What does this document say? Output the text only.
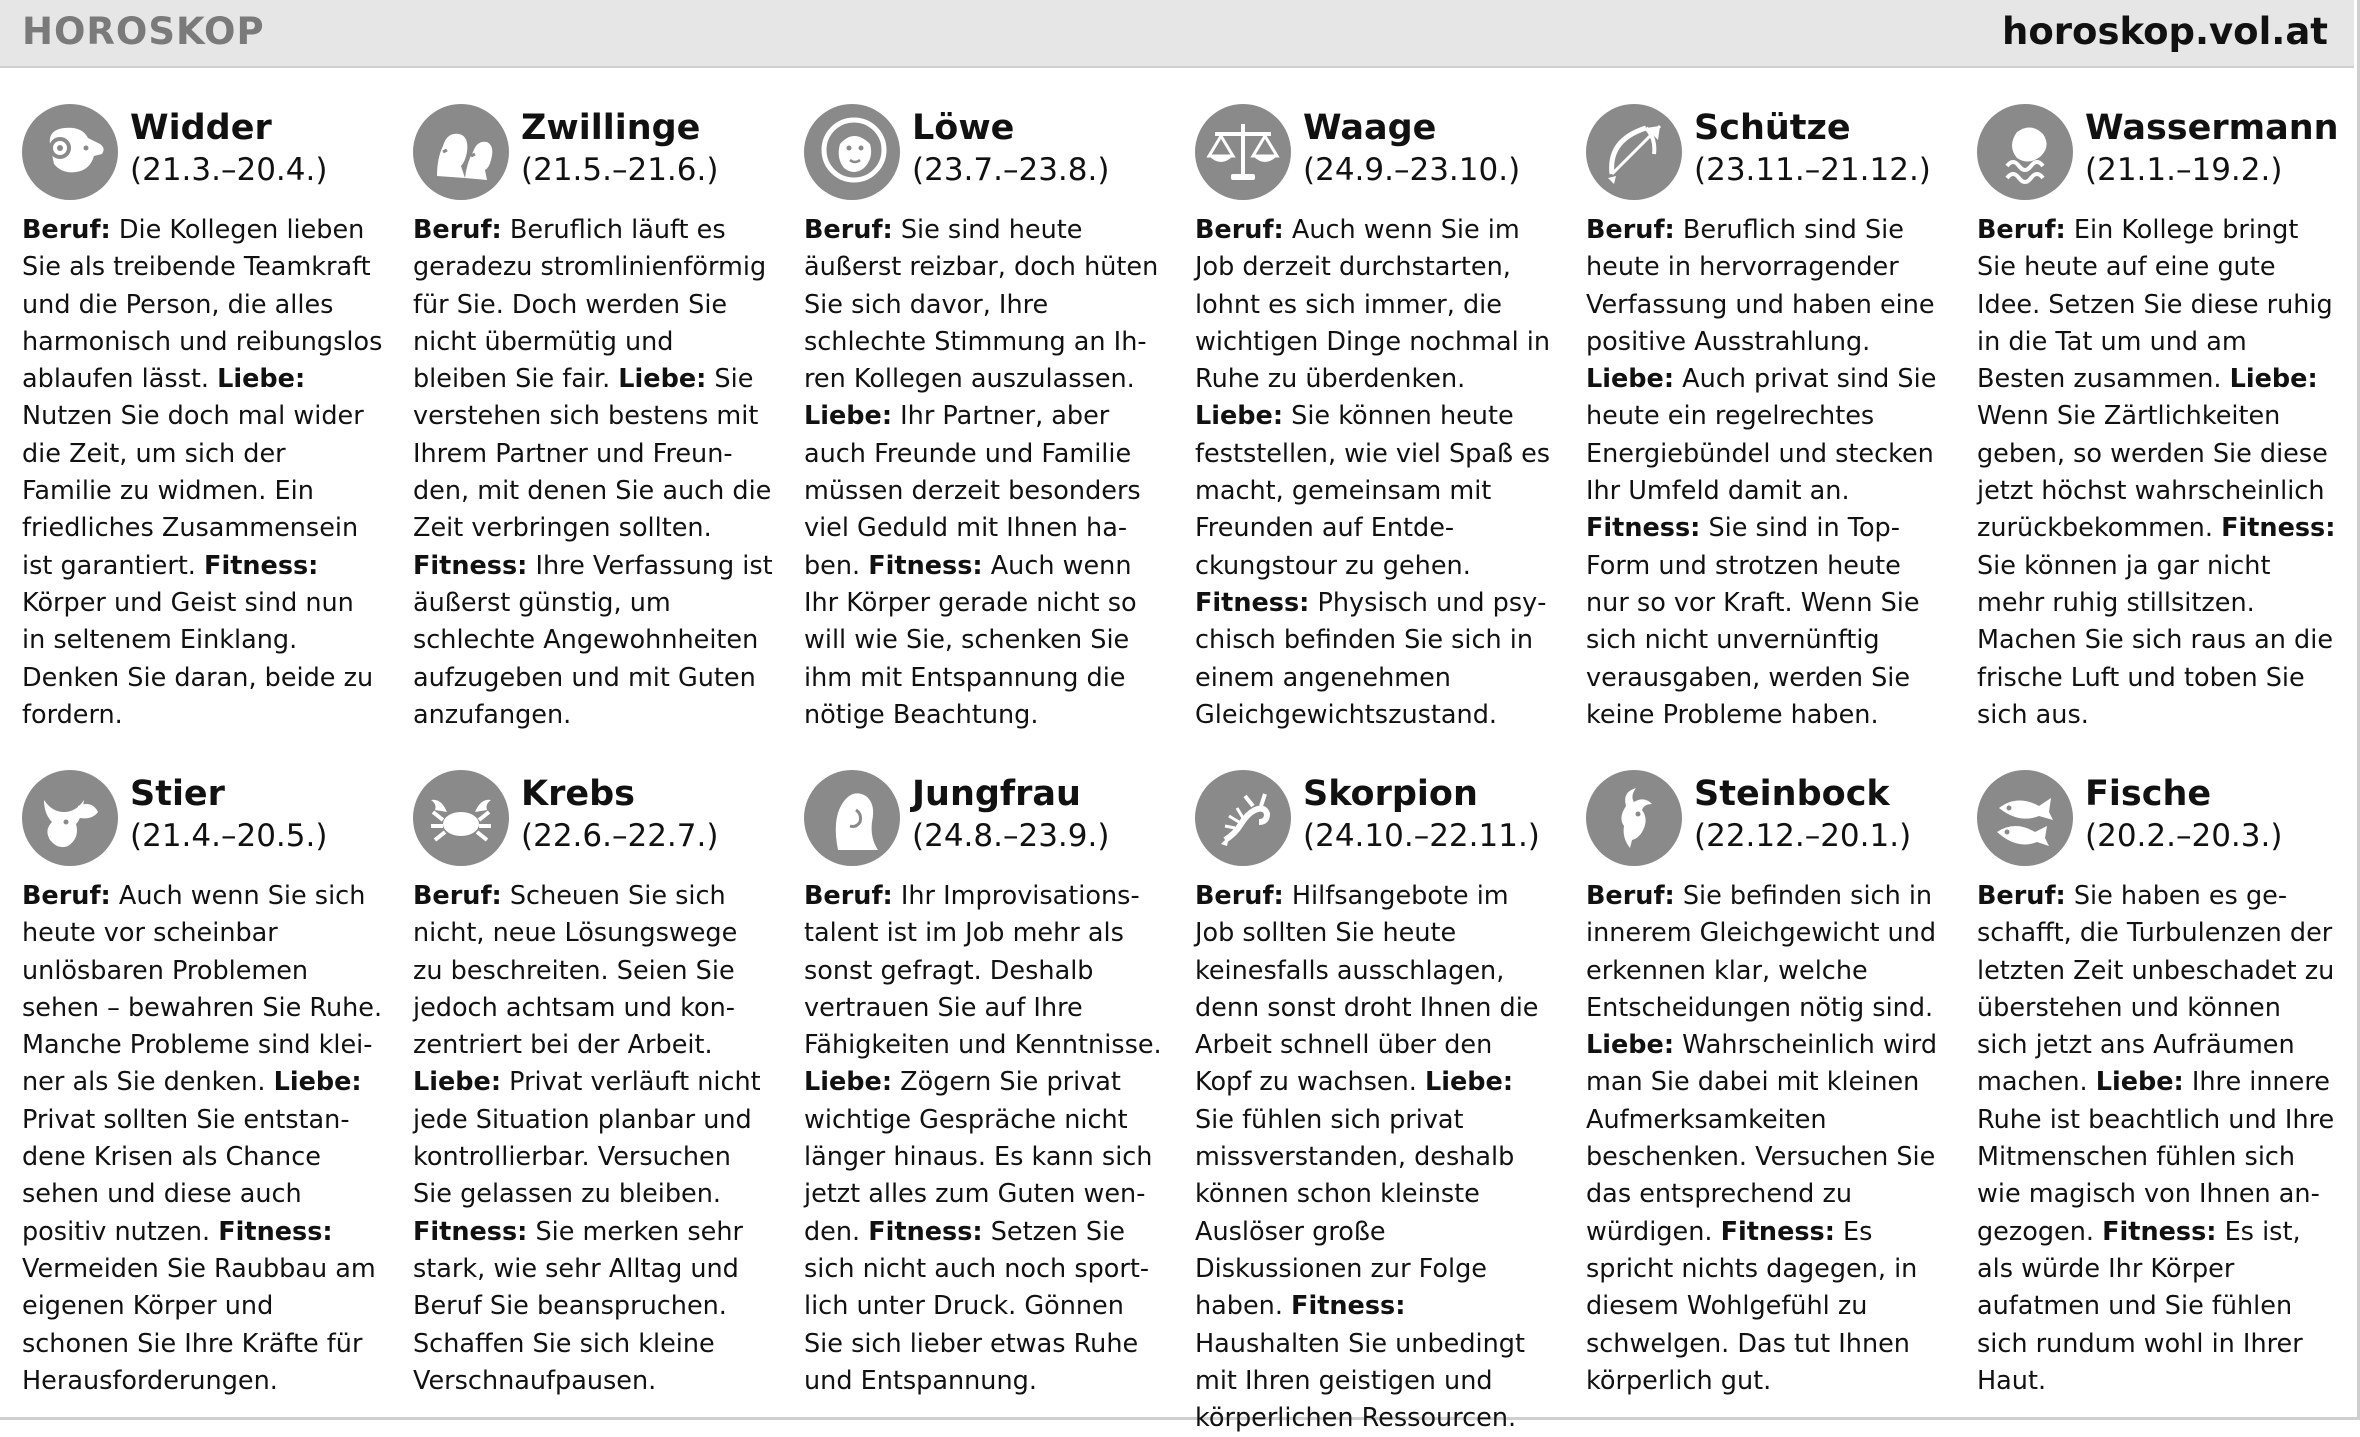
HOROSKOP	horoskop.vol.at
Widder
(21.3.–20.4.)
Beruf: Die Kollegen lieben Sie als treibende Teamkraft und die Person, die alles harmonisch und reibungslos ablaufen lässt. Liebe: Nutzen Sie doch mal wider die Zeit, um sich der Familie zu widmen. Ein friedliches Zusammensein ist garantiert. Fitness: Körper und Geist sind nun in seltenem Einklang. Denken Sie daran, beide zu fordern.
Zwillinge
(21.5.–21.6.)
Beruf: Beruflich läuft es geradezu stromlinienförmig für Sie. Doch werden Sie nicht übermütig und bleiben Sie fair. Liebe: Sie verstehen sich bestens mit Ihrem Partner und Freunden, mit denen Sie auch die Zeit verbringen sollten. Fitness: Ihre Verfassung ist äußerst günstig, um schlechte Angewohnheiten aufzugeben und mit Guten anzufangen.
Löwe
(23.7.–23.8.)
Beruf: Sie sind heute äußerst reizbar, doch hüten Sie sich davor, Ihre schlechte Stimmung an Ihren Kollegen auszulassen. Liebe: Ihr Partner, aber auch Freunde und Familie müssen derzeit besonders viel Geduld mit Ihnen haben. Fitness: Auch wenn Ihr Körper gerade nicht so will wie Sie, schenken Sie ihm mit Entspannung die nötige Beachtung.
Waage
(24.9.–23.10.)
Beruf: Auch wenn Sie im Job derzeit durchstarten, lohnt es sich immer, die wichtigen Dinge nochmal in Ruhe zu überdenken. Liebe: Sie können heute feststellen, wie viel Spaß es macht, gemeinsam mit Freunden auf Entdeckungstour zu gehen. Fitness: Physisch und psychisch befinden Sie sich in einem angenehmen Gleichgewichtszustand.
Schütze
(23.11.–21.12.)
Beruf: Beruflich sind Sie heute in hervorragender Verfassung und haben eine positive Ausstrahlung. Liebe: Auch privat sind Sie heute ein regelrechtes Energiebündel und stecken Ihr Umfeld damit an. Fitness: Sie sind in Top-Form und strotzen heute nur so vor Kraft. Wenn Sie sich nicht unvernünftig verausgaben, werden Sie keine Probleme haben.
Wassermann
(21.1.–19.2.)
Beruf: Ein Kollege bringt Sie heute auf eine gute Idee. Setzen Sie diese ruhig in die Tat um und am Besten zusammen. Liebe: Wenn Sie Zärtlichkeiten geben, so werden Sie diese jetzt höchst wahrscheinlich zurückbekommen. Fitness: Sie können ja gar nicht mehr ruhig stillsitzen. Machen Sie sich raus an die frische Luft und toben Sie sich aus.
Stier
(21.4.–20.5.)
Beruf: Auch wenn Sie sich heute vor scheinbar unlösbaren Problemen sehen – bewahren Sie Ruhe. Manche Probleme sind kleiner als Sie denken. Liebe: Privat sollten Sie entstandene Krisen als Chance sehen und diese auch positiv nutzen. Fitness: Vermeiden Sie Raubbau am eigenen Körper und schonen Sie Ihre Kräfte für Herausforderungen.
Krebs
(22.6.–22.7.)
Beruf: Scheuen Sie sich nicht, neue Lösungswege zu beschreiten. Seien Sie jedoch achtsam und konzentriert bei der Arbeit. Liebe: Privat verläuft nicht jede Situation planbar und kontrollierbar. Versuchen Sie gelassen zu bleiben. Fitness: Sie merken sehr stark, wie sehr Alltag und Beruf Sie beanspruchen. Schaffen Sie sich kleine Verschnaufpausen.
Jungfrau
(24.8.–23.9.)
Beruf: Ihr Improvisationstalent ist im Job mehr als sonst gefragt. Deshalb vertrauen Sie auf Ihre Fähigkeiten und Kenntnisse. Liebe: Zögern Sie privat wichtige Gespräche nicht länger hinaus. Es kann sich jetzt alles zum Guten wenden. Fitness: Setzen Sie sich nicht auch noch sportlich unter Druck. Gönnen Sie sich lieber etwas Ruhe und Entspannung.
Skorpion
(24.10.–22.11.)
Beruf: Hilfsangebote im Job sollten Sie heute keinesfalls ausschlagen, denn sonst droht Ihnen die Arbeit schnell über den Kopf zu wachsen. Liebe: Sie fühlen sich privat missverstanden, deshalb können schon kleinste Auslöser große Diskussionen zur Folge haben. Fitness: Haushalten Sie unbedingt mit Ihren geistigen und körperlichen Ressourcen.
Steinbock
(22.12.–20.1.)
Beruf: Sie befinden sich in innerem Gleichgewicht und erkennen klar, welche Entscheidungen nötig sind. Liebe: Wahrscheinlich wird man Sie dabei mit kleinen Aufmerksamkeiten beschenken. Versuchen Sie das entsprechend zu würdigen. Fitness: Es spricht nichts dagegen, in diesem Wohlgefühl zu schwelgen. Das tut Ihnen körperlich gut.
Fische
(20.2.–20.3.)
Beruf: Sie haben es geschafft, die Turbulenzen der letzten Zeit unbeschadet zu überstehen und können sich jetzt ans Aufräumen machen. Liebe: Ihre innere Ruhe ist beachtlich und Ihre Mitmenschen fühlen sich wie magisch von Ihnen angezogen. Fitness: Es ist, als würde Ihr Körper aufatmen und Sie fühlen sich rundum wohl in Ihrer Haut.
